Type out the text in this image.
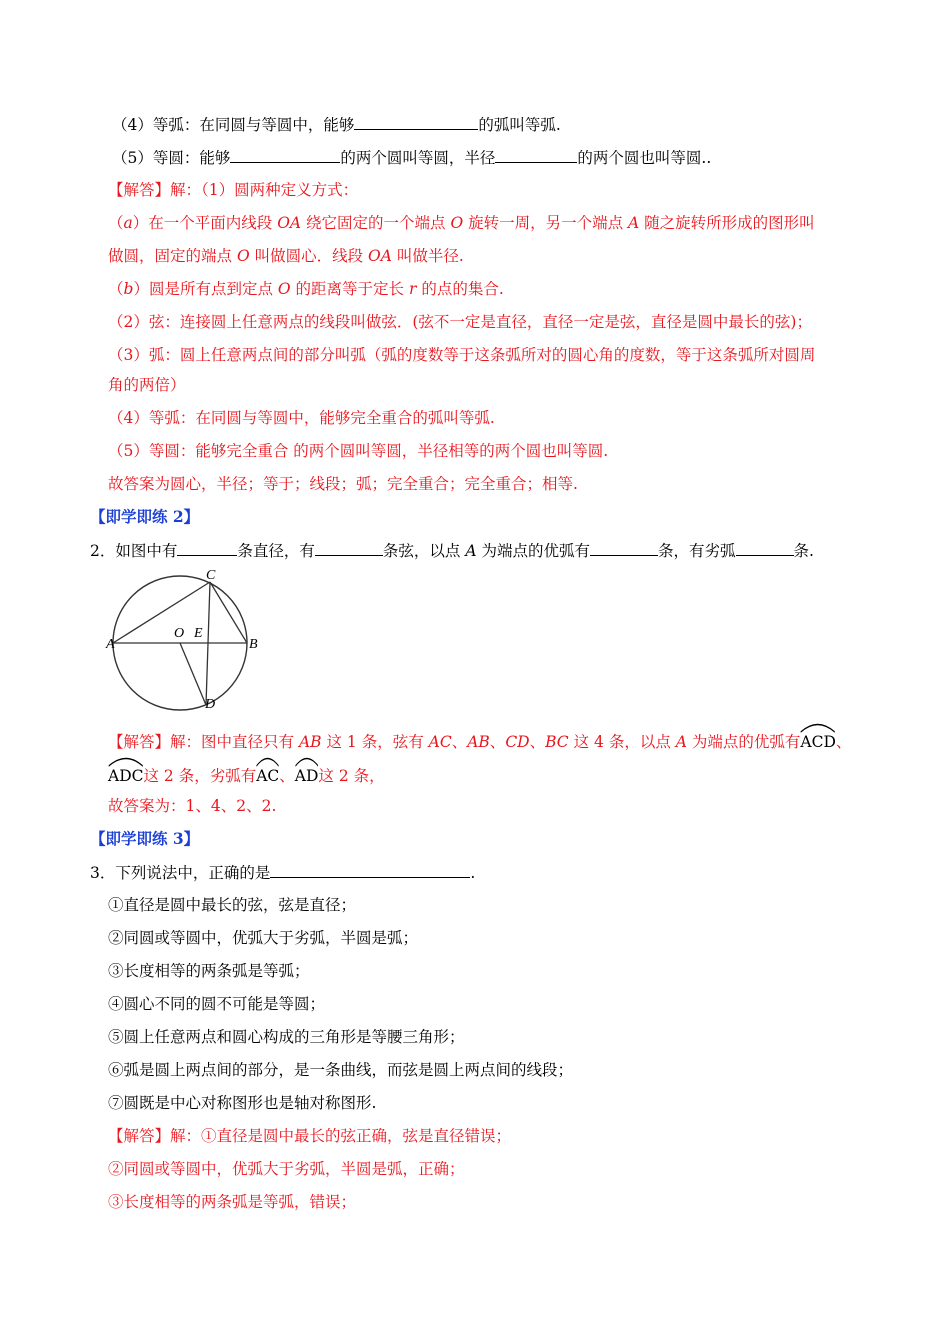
（4）等弧：在同圆与等圆中，能够	的弧叫等弧.
（5）等圆：能够	的两个圆叫等圆，半径	的两个圆也叫等圆..
【解答】解：（1）圆两种定义方式：
（a）在一个平面内线段 OA 绕它固定的一个端点 O 旋转一周，另一个端点 A 随之旋转所形成的图形叫
做圆，固定的端点 O 叫做圆心．线段 OA 叫做半径.
（b）圆是所有点到定点 O 的距离等于定长 r 的点的集合.
（2）弦：连接圆上任意两点的线段叫做弦．(弦不一定是直径，直径一定是弦，直径是圆中最长的弦)；
（3）弧：圆上任意两点间的部分叫弧（弧的度数等于这条弧所对的圆心角的度数，等于这条弧所对圆周
角的两倍）
（4）等弧：在同圆与等圆中，能够完全重合的弧叫等弧.
（5）等圆：能够完全重合 的两个圆叫等圆，半径相等的两个圆也叫等圆.
故答案为圆心，半径；等于；线段；弧；完全重合；完全重合；相等.
【即学即练 2】
2．如图中有	条直径，有	条弦，以点 A 为端点的优弧有	条，有劣弧	条.
A	B
C
D
O E
【解答】解：图中直径只有 AB 这 1 条，弦有 AC、AB、CD、BC 这 4 条，以点 A 为端点的优弧有
ACD、
ADC这 2 条，劣弧有
AC、
AD这 2 条，
故答案为：1、4、2、2.
【即学即练 3】
3．下列说法中，正确的是	.
①直径是圆中最长的弦，弦是直径；
②同圆或等圆中，优弧大于劣弧，半圆是弧；
③长度相等的两条弧是等弧；
④圆心不同的圆不可能是等圆；
⑤圆上任意两点和圆心构成的三角形是等腰三角形；
⑥弧是圆上两点间的部分，是一条曲线，而弦是圆上两点间的线段；
⑦圆既是中心对称图形也是轴对称图形.
【解答】解：①直径是圆中最长的弦正确，弦是直径错误；
②同圆或等圆中，优弧大于劣弧，半圆是弧，正确；
③长度相等的两条弧是等弧，错误；
